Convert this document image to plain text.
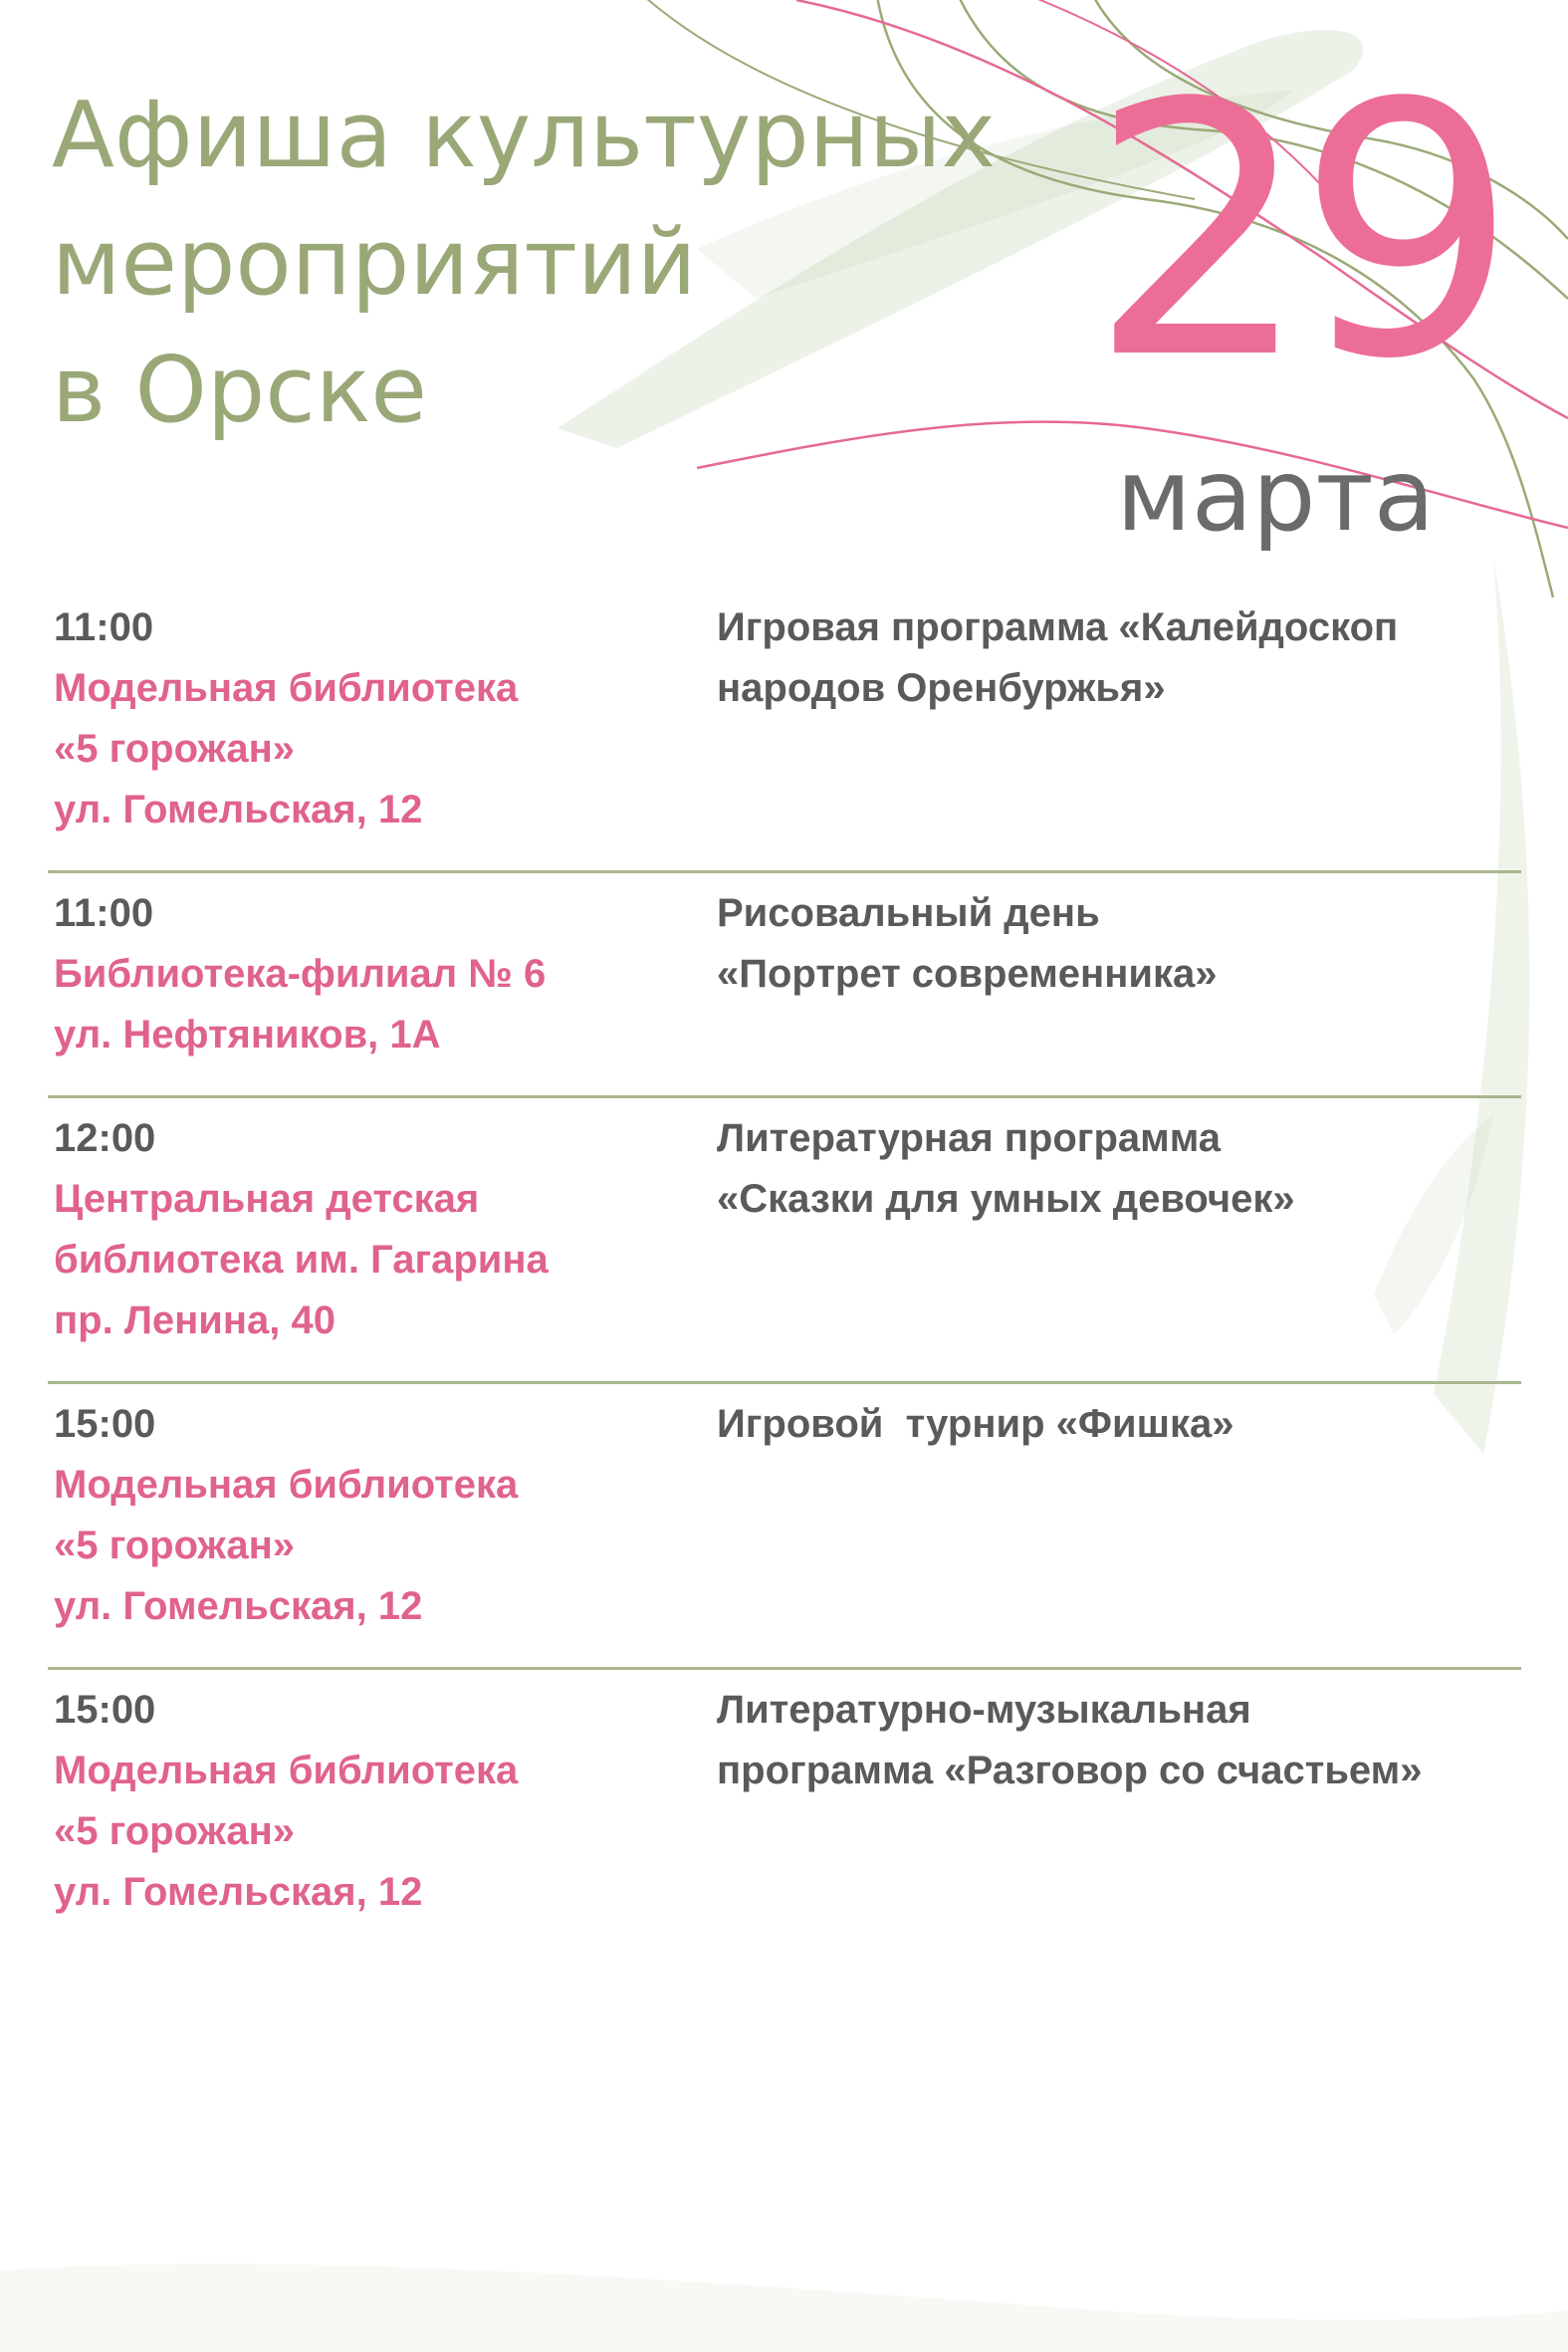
Афиша культурных
мероприятий
в Орске	29
марта
11:00
Модельная библиотека
«5 горожан»
ул. Гомельская, 12
Игровая программа «Калейдоскоп
народов Оренбуржья»
11:00
Библиотека-филиал № 6
ул. Нефтяников, 1А
Рисовальный день
«Портрет современника»
12:00
Центральная детская
библиотека им. Гагарина
пр. Ленина, 40
Литературная программа
«Сказки для умных девочек»
15:00
Модельная библиотека
«5 горожан»
ул. Гомельская, 12
Игровой  турнир «Фишка»
15:00
Модельная библиотека
«5 горожан»
ул. Гомельская, 12
Литературно-музыкальная
программа «Разговор со счастьем»
